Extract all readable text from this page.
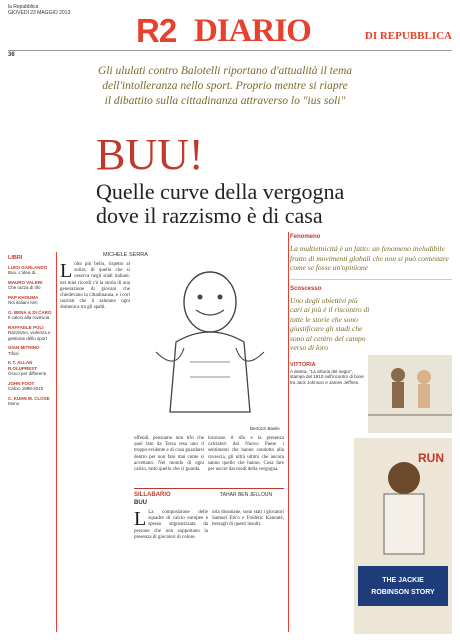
la Repubblica
GIOVEDÌ 23 MAGGIO 2013 R2 DIARIO	DI REPUBBLICA
36
Gli ululati contro Balotelli riportano d'attualità il tema
dell'intolleranza nello sport. Proprio mentre si riapre
il dibattito sulla cittadinanza attraverso lo "ius soli"
BUU!
Quelle curve della vergogna
dove il razzismo è di casa
Bertozzi Basile
MICHELE SERRA
LIBRI
LUIGI GARLANDO
Buu. L'idea di...
MAURO VALERI
Che razza di tifo
PAP KHOUMA
Noi italiani neri
G. BENA & DI CARO
Il calcio alla rovescia
RAFFAELE POLI
Razzismo, violenza e gestione dello sport
GIAN MITHINO
Tifosi
K.T. ALLAN R.OLUPREST
Gioco per differenti
JOHN FOOT
Calcio 1898-2010
C. KUHN M. CLOSE
Mono
Lolto più bello, rispetto al solito, di quello che si osserva negli stadi italiani: nei miei ricordi c'è la storia di una generazione di giovani che chiedevano la cittadinanza, e i cori razzisti che li salutano ogni domenica tra gli spalti.
offendi, pensiamo non tifo che quel lato da Terza tesa uno il troppo evidente e di cosa guardarsi dentro per non fare mai come si accettano. Nel mondo di ogni calcio, tutto quello che ci guarda.
loravano il tifo e la presenza calciatori dal Nuovo Paese i sentimenti che hanno condotto alla rovescia, gli ultrà ultimi che ancora sanno quello che hanno. Cosa fare per uscire dai modi della vergogna.
SILLABARIO
BUU
TAHAR BEN JELLOUN
L La composizione delle squadre di calcio europee è spesso stigmatizzata da persone che non sopportano la presenza di giocatori di colore.
urla disumane, sono stati i giocatori Samuel Eto'o e Frédéric Kanouté, bersagli di questi insulti.
Fenomeno
La multietnicità è un fatto: un fenomeno ineludibile frutto di movimenti globali che non si può contestare come se fosse un'opinione
Scoscesso
Uno degli obiettivi più cari ai più è il riscontro di tutte le storie che sono giustificare gli stadi che sono al centro del campo verso di loro
VITTORIA
A destra, "La vittoria del negro", stampa del 1910 sull'incontro di boxe tra Jack Johnson e James Jeffries.
RUN
THE JACKIE
ROBINSON STORY
